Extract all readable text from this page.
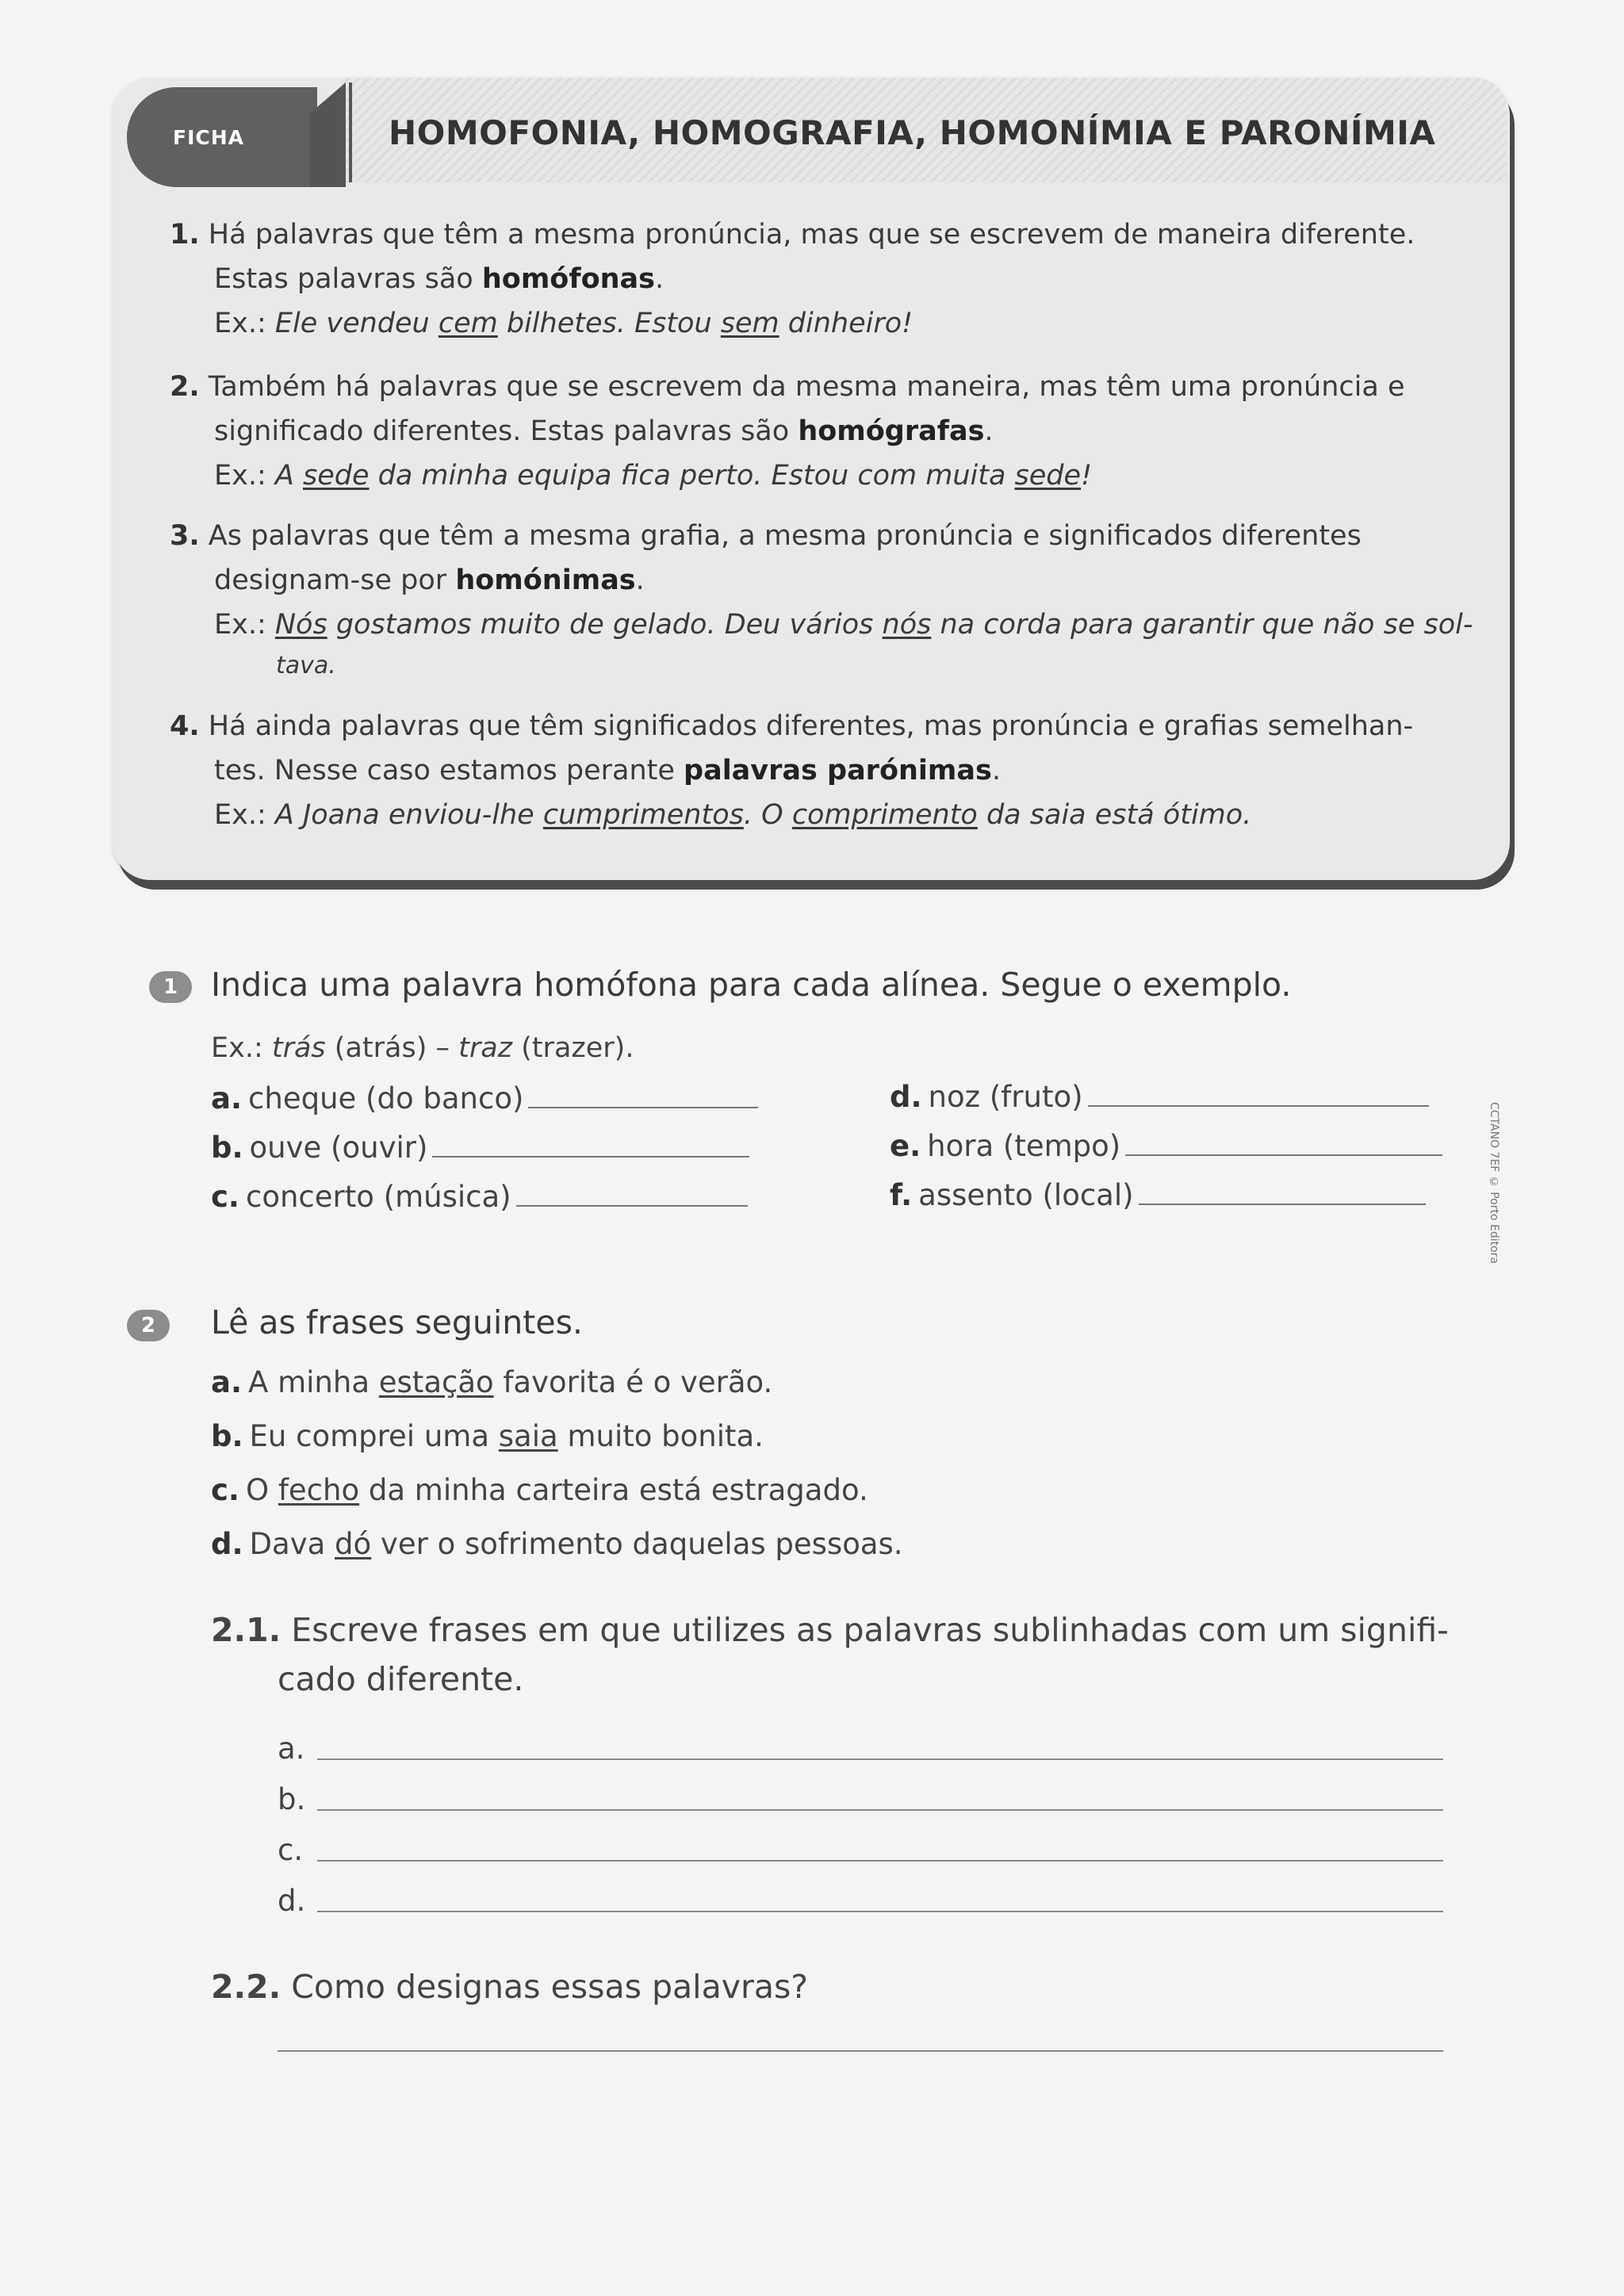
FICHA	HOMOFONIA, HOMOGRAFIA, HOMONÍMIA E PARONÍMIA
1. Há palavras que têm a mesma pronúncia, mas que se escrevem de maneira diferente.
Estas palavras são homófonas.
Ex.: Ele vendeu cem bilhetes. Estou sem dinheiro!
2. Também há palavras que se escrevem da mesma maneira, mas têm uma pronúncia e
significado diferentes. Estas palavras são homógrafas.
Ex.: A sede da minha equipa fica perto. Estou com muita sede!
3. As palavras que têm a mesma grafia, a mesma pronúncia e significados diferentes
designam-se por homónimas.
Ex.: Nós gostamos muito de gelado. Deu vários nós na corda para garantir que não se sol-
tava.
4. Há ainda palavras que têm significados diferentes, mas pronúncia e grafias semelhan-
tes. Nesse caso estamos perante palavras parónimas.
Ex.: A Joana enviou-lhe cumprimentos. O comprimento da saia está ótimo.
1 Indica uma palavra homófona para cada alínea. Segue o exemplo.
Ex.: trás (atrás) – traz (trazer).
a. cheque (do banco)
b. ouve (ouvir)
c. concerto (música)
d. noz (fruto)
e. hora (tempo)
f. assento (local)	CCTANO 7EF © Porto Editora
2 Lê as frases seguintes.
a. A minha estação favorita é o verão.
b. Eu comprei uma saia muito bonita.
c. O fecho da minha carteira está estragado.
d. Dava dó ver o sofrimento daquelas pessoas.
2.1. Escreve frases em que utilizes as palavras sublinhadas com um signifi-
cado diferente.
a.
b.
c.
d.
2.2. Como designas essas palavras?
